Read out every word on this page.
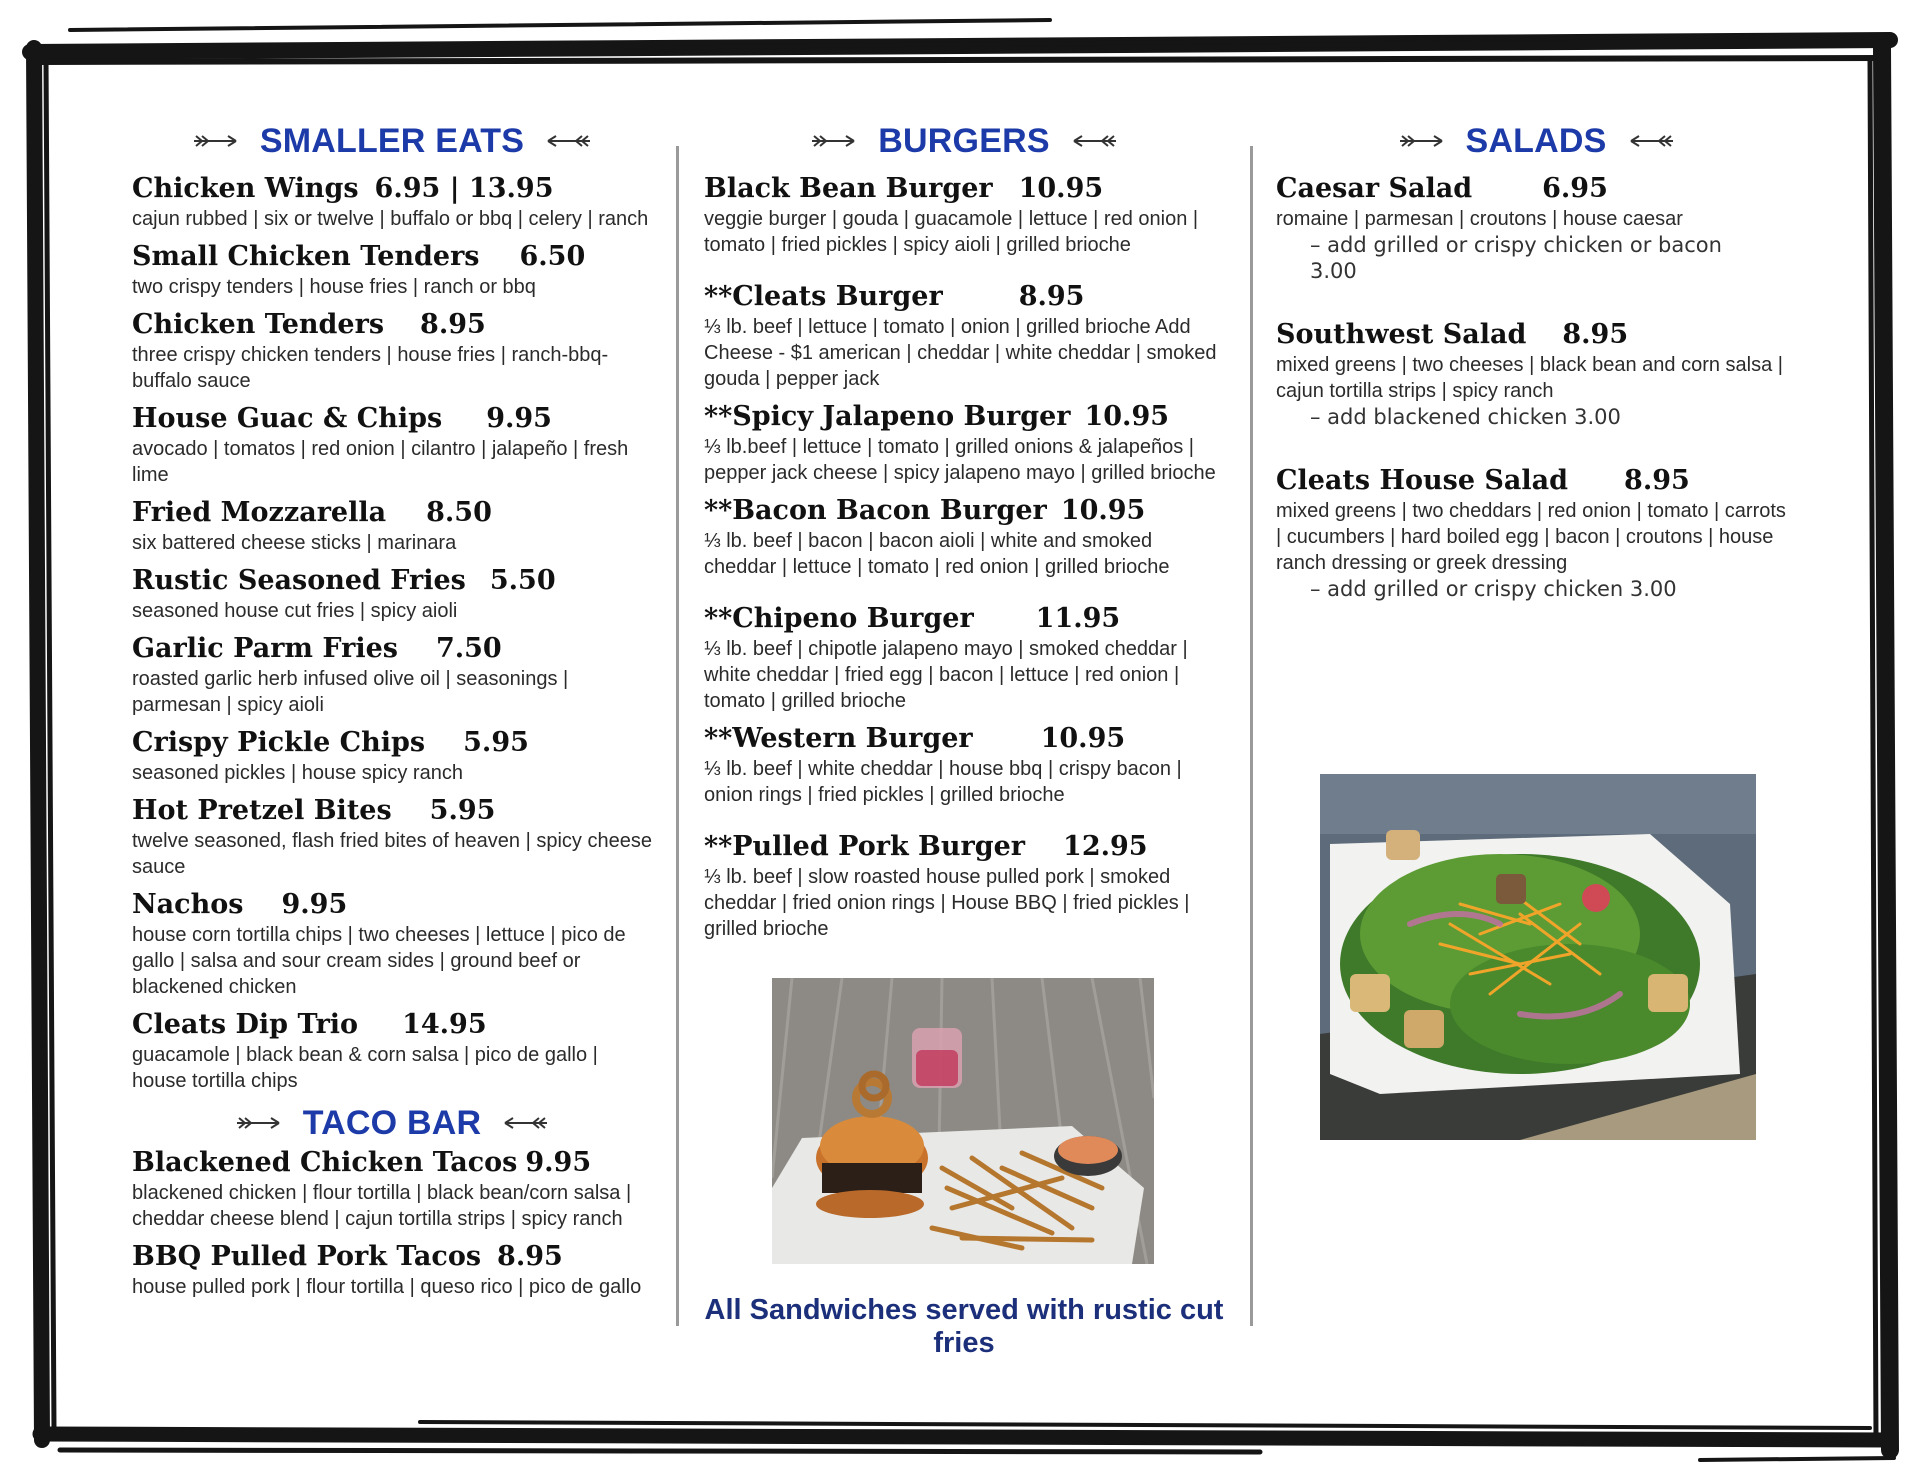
SMALLER EATS
Chicken Wings 6.95 | 13.95
cajun rubbed | six or twelve | buffalo or bbq | celery | ranch
Small Chicken Tenders 6.50
two crispy tenders | house fries | ranch or bbq
Chicken Tenders 8.95
three crispy chicken tenders | house fries | ranch-bbq-buffalo sauce
House Guac & Chips 9.95
avocado | tomatos | red onion | cilantro | jalapeño | fresh lime
Fried Mozzarella 8.50
six battered cheese sticks | marinara
Rustic Seasoned Fries 5.50
seasoned house cut fries | spicy aioli
Garlic Parm Fries 7.50
roasted garlic herb infused olive oil | seasonings | parmesan | spicy aioli
Crispy Pickle Chips 5.95
seasoned pickles | house spicy ranch
Hot Pretzel Bites 5.95
twelve seasoned, flash fried bites of heaven | spicy cheese sauce
Nachos 9.95
house corn tortilla chips | two cheeses | lettuce | pico de gallo | salsa and sour cream sides | ground beef or blackened chicken
Cleats Dip Trio 14.95
guacamole | black bean & corn salsa | pico de gallo | house tortilla chips
TACO BAR
Blackened Chicken Tacos 9.95
blackened chicken | flour tortilla | black bean/corn salsa | cheddar cheese blend | cajun tortilla strips | spicy ranch
BBQ Pulled Pork Tacos 8.95
house pulled pork | flour tortilla | queso rico | pico de gallo
BURGERS
Black Bean Burger 10.95
veggie burger | gouda | guacamole | lettuce | red onion | tomato | fried pickles | spicy aioli | grilled brioche
**Cleats Burger	8.95
⅓ lb. beef | lettuce | tomato | onion | grilled brioche Add Cheese - $1 american | cheddar | white cheddar | smoked gouda | pepper jack
**Spicy Jalapeno Burger 10.95
⅓ lb.beef | lettuce | tomato | grilled onions & jalapeños | pepper jack cheese | spicy jalapeno mayo | grilled brioche
**Bacon Bacon Burger 10.95
⅓ lb. beef | bacon | bacon aioli | white and smoked cheddar | lettuce | tomato | red onion | grilled brioche
**Chipeno Burger 11.95
⅓ lb. beef | chipotle jalapeno mayo | smoked cheddar | white cheddar | fried egg | bacon | lettuce | red onion | tomato | grilled brioche
**Western Burger	10.95
⅓ lb. beef | white cheddar | house bbq | crispy bacon | onion rings | fried pickles | grilled brioche
**Pulled Pork Burger 12.95
⅓ lb. beef | slow roasted house pulled pork | smoked cheddar | fried onion rings | House BBQ | fried pickles | grilled brioche
All Sandwiches served with rustic cut fries
SALADS
Caesar Salad	6.95
romaine | parmesan | croutons | house caesar
– add grilled or crispy chicken or bacon 3.00
Southwest Salad 8.95
mixed greens | two cheeses | black bean and corn salsa | cajun tortilla strips | spicy ranch
– add blackened chicken 3.00
Cleats House Salad 8.95
mixed greens | two cheddars | red onion | tomato | carrots | cucumbers | hard boiled egg | bacon | croutons | house ranch dressing or greek dressing
– add grilled or crispy chicken 3.00
